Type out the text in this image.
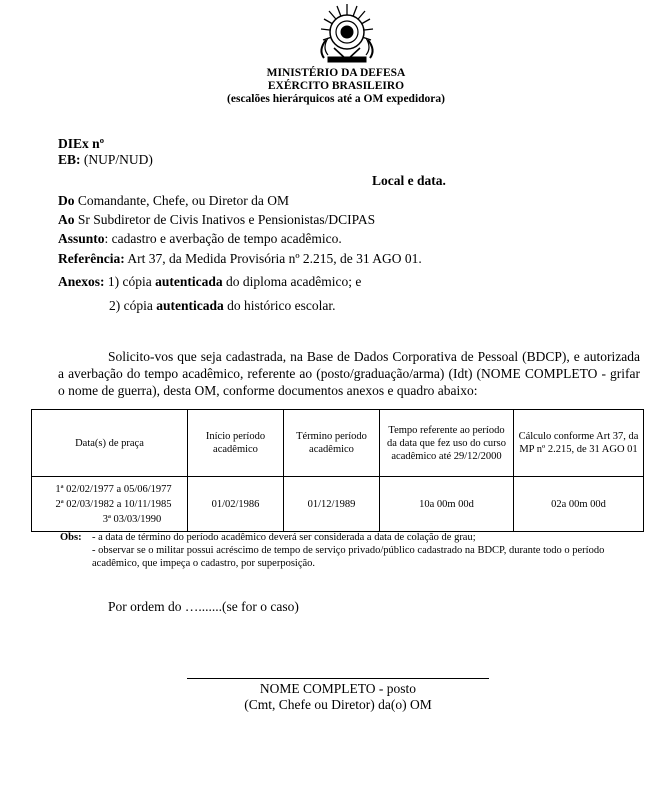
MINISTÉRIO DA DEFESA
EXÉRCITO BRASILEIRO
(escalões hierárquicos até a OM expedidora)
DIEx nº
EB: (NUP/NUD)
Local e data.
Do Comandante, Chefe, ou Diretor da OM
Ao Sr Subdiretor de Civis Inativos e Pensionistas/DCIPAS
Assunto: cadastro e averbação de tempo acadêmico.
Referência: Art 37, da Medida Provisória nº 2.215, de 31 AGO 01.
Anexos: 1) cópia autenticada do diploma acadêmico; e
2) cópia autenticada do histórico escolar.

Solicito-vos que seja cadastrada, na Base de Dados Corporativa de Pessoal (BDCP), e autorizada a averbação do tempo acadêmico, referente ao (posto/graduação/arma) (Idt) (NOME COMPLETO - grifar o nome de guerra), desta OM, conforme documentos anexos e quadro abaixo:

Data(s) de praça	Início período acadêmico	Término período acadêmico	Tempo referente ao período da data que fez uso do curso acadêmico até 29/12/2000	Cálculo conforme Art 37, da MP nº 2.215, de 31 AGO 01

1ª 02/02/1977 a 05/06/1977
2ª 02/03/1982 a 10/11/1985
3ª 03/03/1990	01/02/1986	01/12/1989	10a 00m 00d	02a 00m 00d
Obs: - a data de término do período acadêmico deverá ser considerada a data de colação de grau;
- observar se o militar possui acréscimo de tempo de serviço privado/público cadastrado na BDCP, durante todo o período acadêmico, que impeça o cadastro, por superposição.
Por ordem do ….......(se for o caso)
NOME COMPLETO - posto
(Cmt, Chefe ou Diretor) da(o) OM
